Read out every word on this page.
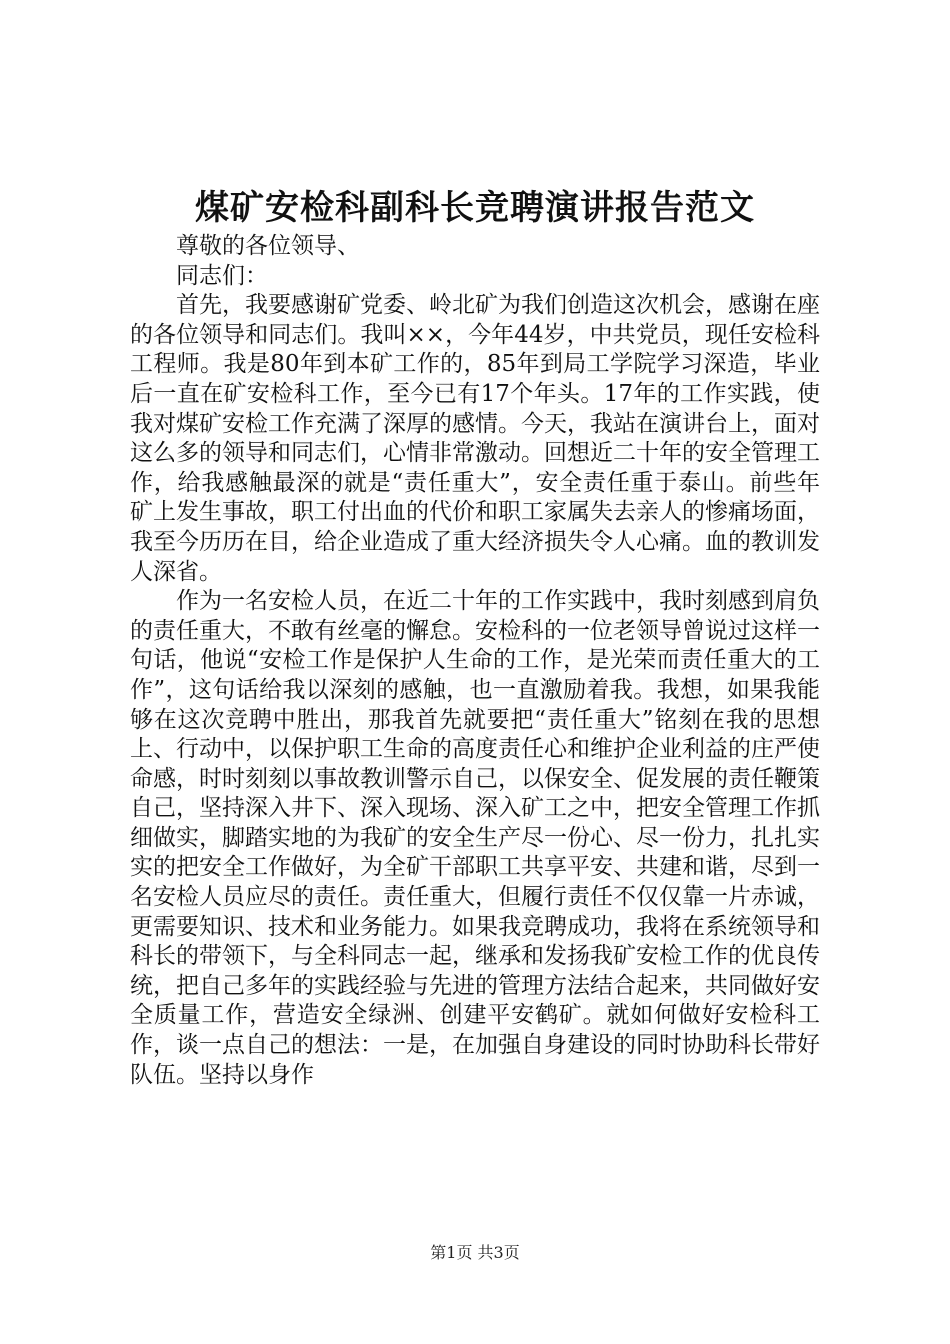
煤矿安检科副科长竞聘演讲报告范文

尊敬的各位领导、

同志们：

首先，我要感谢矿党委、岭北矿为我们创造这次机会，感谢在座的各位领导和同志们。我叫××，今年44岁，中共党员，现任安检科工程师。我是80年到本矿工作的，85年到局工学院学习深造，毕业后一直在矿安检科工作，至今已有17个年头。17年的工作实践，使我对煤矿安检工作充满了深厚的感情。今天，我站在演讲台上，面对这么多的领导和同志们，心情非常激动。回想近二十年的安全管理工作，给我感触最深的就是“责任重大”，安全责任重于泰山。前些年矿上发生事故，职工付出血的代价和职工家属失去亲人的惨痛场面，我至今历历在目，给企业造成了重大经济损失令人心痛。血的教训发人深省。

作为一名安检人员，在近二十年的工作实践中，我时刻感到肩负的责任重大，不敢有丝毫的懈怠。安检科的一位老领导曾说过这样一句话，他说“安检工作是保护人生命的工作，是光荣而责任重大的工作”，这句话给我以深刻的感触，也一直激励着我。我想，如果我能够在这次竞聘中胜出，那我首先就要把“责任重大”铭刻在我的思想上、行动中，以保护职工生命的高度责任心和维护企业利益的庄严使命感，时时刻刻以事故教训警示自己，以保安全、促发展的责任鞭策自己，坚持深入井下、深入现场、深入矿工之中，把安全管理工作抓细做实，脚踏实地的为我矿的安全生产尽一份心、尽一份力，扎扎实实的把安全工作做好，为全矿干部职工共享平安、共建和谐，尽到一名安检人员应尽的责任。责任重大，但履行责任不仅仅靠一片赤诚，更需要知识、技术和业务能力。如果我竞聘成功，我将在系统领导和科长的带领下，与全科同志一起，继承和发扬我矿安检工作的优良传统，把自己多年的实践经验与先进的管理方法结合起来，共同做好安全质量工作，营造安全绿洲、创建平安鹤矿。就如何做好安检科工作，谈一点自己的想法：一是，在加强自身建设的同时协助科长带好队伍。坚持以身作

第1页 共3页
